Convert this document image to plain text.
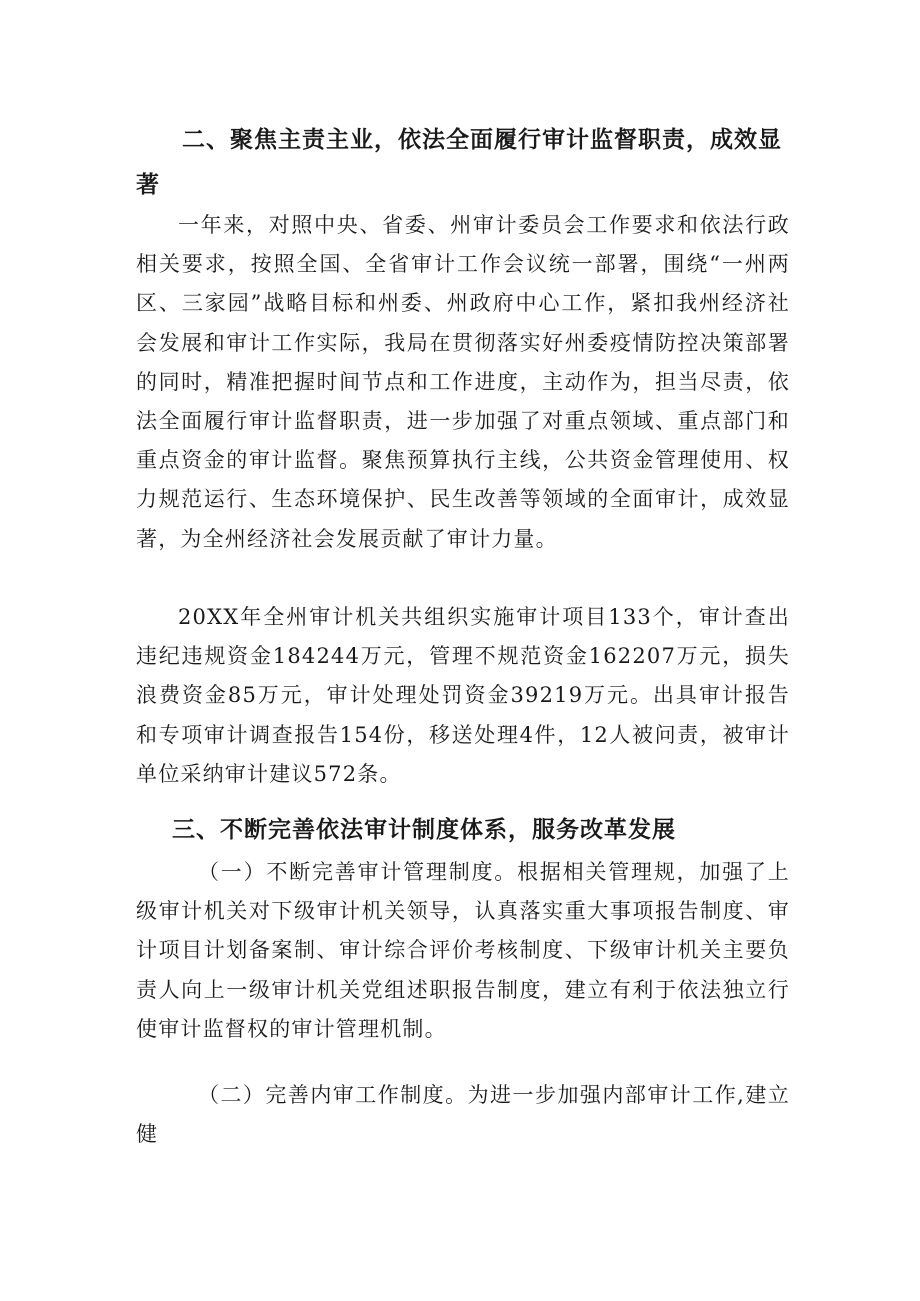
二、聚焦主责主业，依法全面履行审计监督职责，成效显著

一年来，对照中央、省委、州审计委员会工作要求和依法行政相关要求，按照全国、全省审计工作会议统一部署，围绕“一州两区、三家园”战略目标和州委、州政府中心工作，紧扣我州经济社会发展和审计工作实际，我局在贯彻落实好州委疫情防控决策部署的同时，精准把握时间节点和工作进度，主动作为，担当尽责，依法全面履行审计监督职责，进一步加强了对重点领域、重点部门和重点资金的审计监督。聚焦预算执行主线，公共资金管理使用、权力规范运行、生态环境保护、民生改善等领域的全面审计，成效显著，为全州经济社会发展贡献了审计力量。

20XX年全州审计机关共组织实施审计项目133个，审计查出违纪违规资金184244万元，管理不规范资金162207万元，损失浪费资金85万元，审计处理处罚资金39219万元。出具审计报告和专项审计调查报告154份，移送处理4件，12人被问责，被审计单位采纳审计建议572条。

三、不断完善依法审计制度体系，服务改革发展

（一）不断完善审计管理制度。根据相关管理规，加强了上级审计机关对下级审计机关领导，认真落实重大事项报告制度、审计项目计划备案制、审计综合评价考核制度、下级审计机关主要负责人向上一级审计机关党组述职报告制度，建立有利于依法独立行使审计监督权的审计管理机制。

（二）完善内审工作制度。为进一步加强内部审计工作,建立健
